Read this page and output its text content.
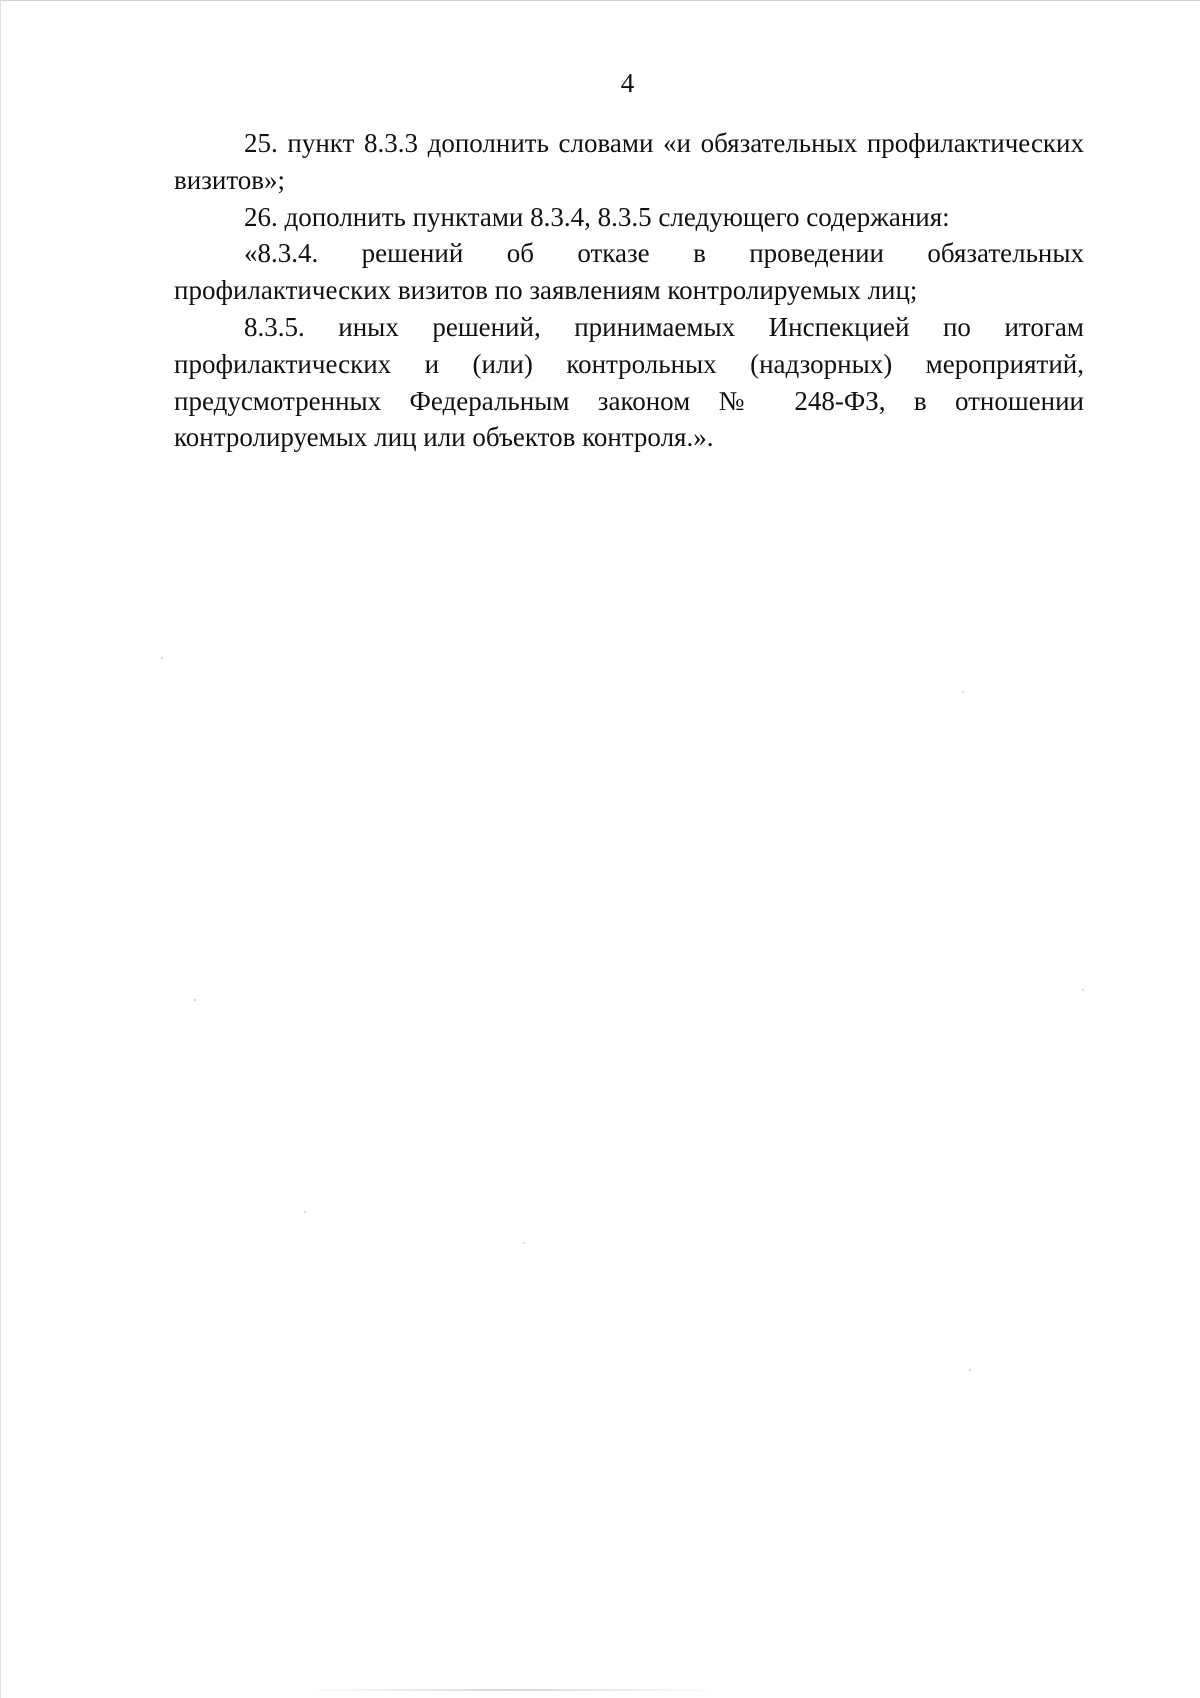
4

25. пункт 8.3.3 дополнить словами «и обязательных профилактических визитов»;

26. дополнить пунктами 8.3.4, 8.3.5 следующего содержания:

«8.3.4. решений об отказе в проведении обязательных профилактических визитов по заявлениям контролируемых лиц;

8.3.5. иных решений, принимаемых Инспекцией по итогам профилактических и (или) контрольных (надзорных) мероприятий, предусмотренных Федеральным законом № 248-ФЗ, в отношении контролируемых лиц или объектов контроля.».
